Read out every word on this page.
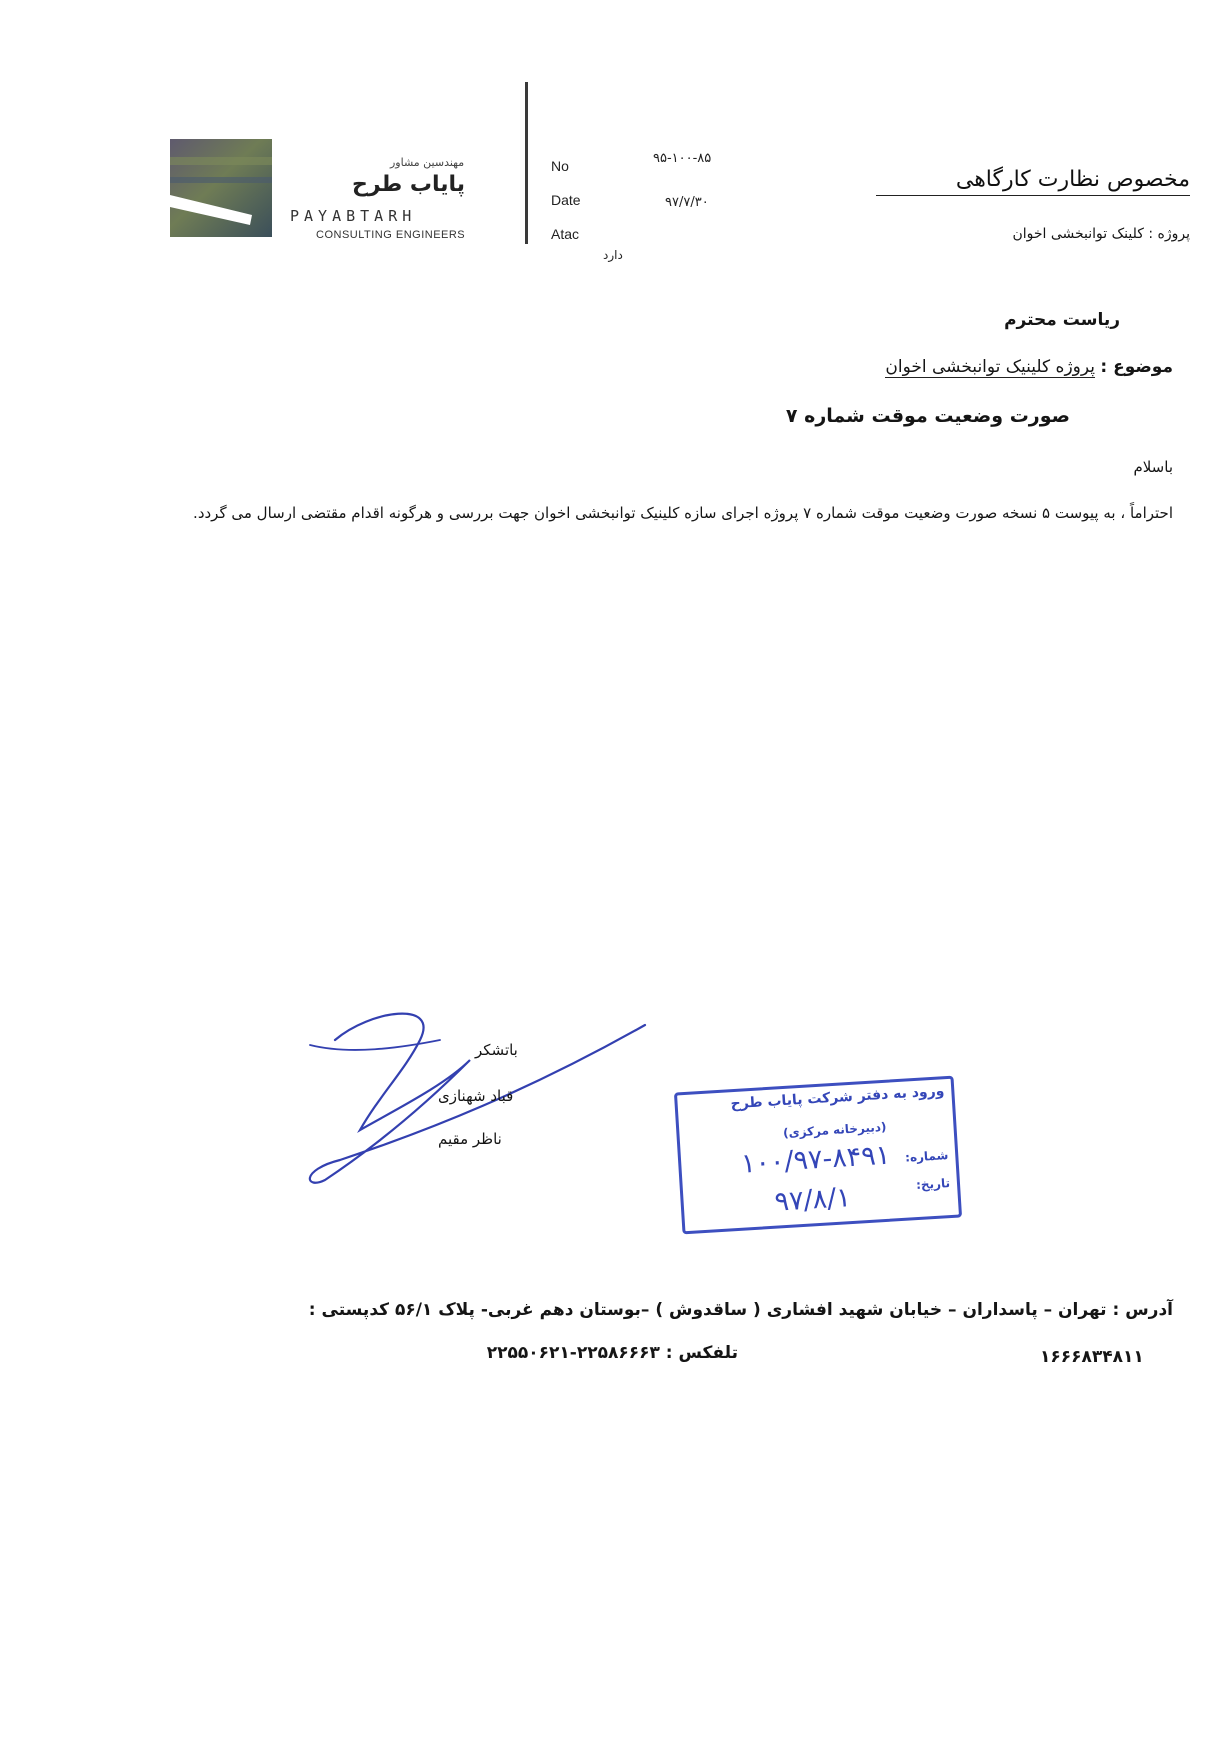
مهندسین مشاور
پایاب طرح
PAYABTARH
CONSULTING ENGINEERS
No	۹۵-۱۰۰-۸۵
Date	۹۷/۷/۳۰
Atac
دارد
مخصوص نظارت کارگاهی
پروژه : کلینک توانبخشی اخوان
ریاست محترم
موضوع : پروژه کلینیک توانبخشی اخوان
صورت وضعیت موقت شماره ۷
باسلام
احتراماً ، به پیوست ۵ نسخه صورت وضعیت موقت شماره ۷ پروژه اجرای سازه کلینیک توانبخشی اخوان جهت بررسی و هرگونه اقدام مقتضی ارسال می گردد.
باتشکر
قباد شهنازی
ناظر مقیم
ورود به دفتر شرکت پایاب طرح
(دبیرخانه مرکزی)
شماره:
۱۰۰/۹۷-۸۴۹۱
تاریخ:
۹۷/۸/۱
آدرس : تهران – پاسداران – خیابان شهید افشاری ( ساقدوش ) –بوستان دهم غربی- پلاک ۵۶/۱ کدپستی :
۱۶۶۶۸۳۴۸۱۱
تلفکس : ۲۲۵۸۶۶۶۳-۲۲۵۵۰۶۲۱
